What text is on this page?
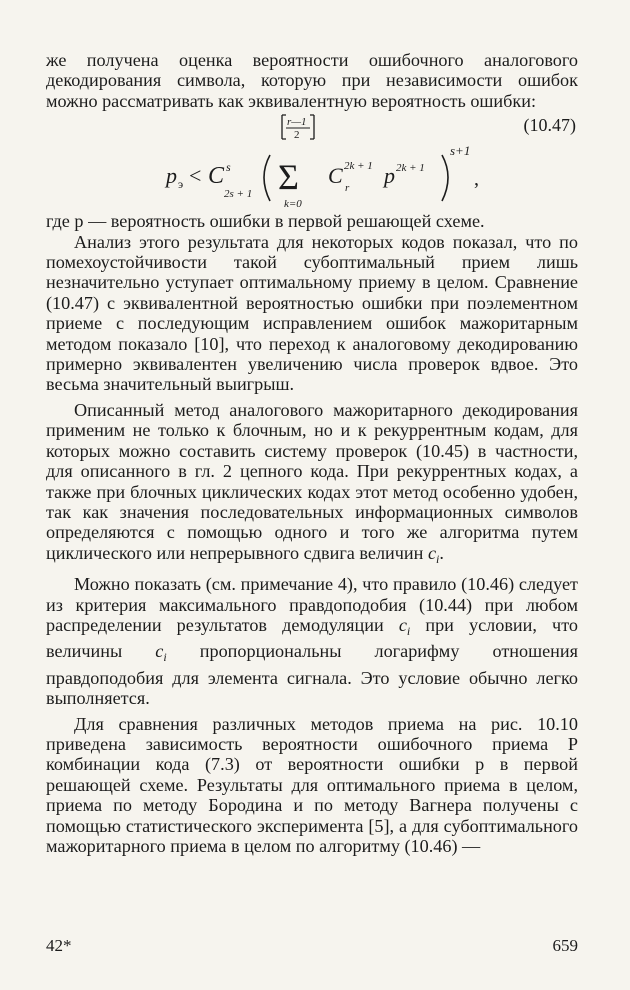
же получена оценка вероятности ошибочного аналогового декодирования символа, которую при независимости ошибок можно рассматривать как эквивалентную вероятность ошибки:

p э < C s
2s + 1
r—1
2
Σ
k=0
C 2k + 1
r p 2k + 1
s+1
,
(10.47)

где p — вероятность ошибки в первой решающей схеме.

Анализ этого результата для некоторых кодов показал, что по помехоустойчивости такой субоптимальный прием лишь незначительно уступает оптимальному приему в целом. Сравнение (10.47) с эквивалентной вероятностью ошибки при поэлементном приеме с последующим исправлением ошибок мажоритарным методом показало [10], что переход к аналоговому декодированию примерно эквивалентен увеличению числа проверок вдвое. Это весьма значительный выигрыш.

Описанный метод аналогового мажоритарного декодирования применим не только к блочным, но и к рекуррентным кодам, для которых можно составить систему проверок (10.45) в частности, для описанного в гл. 2 цепного кода. При рекуррентных кодах, а также при блочных циклических кодах этот метод особенно удобен, так как значения последовательных информационных символов определяются с помощью одного и того же алгоритма путем циклического или непрерывного сдвига величин $c_i$.

Можно показать (см. примечание 4), что правило (10.46) следует из критерия максимального правдоподобия (10.44) при любом распределении результатов демодуляции $c_i$ при условии, что величины $c_i$ пропорциональны логарифму отношения правдоподобия для элемента сигнала. Это условие обычно легко выполняется.

Для сравнения различных методов приема на рис. 10.10 приведена зависимость вероятности ошибочного приема P комбинации кода (7.3) от вероятности ошибки p в первой решающей схеме. Результаты для оптимального приема в целом, приема по методу Бородина и по методу Вагнера получены с помощью статистического эксперимента [5], а для субоптимального мажоритарного приема в целом по алгоритму (10.46) —

42*	659
